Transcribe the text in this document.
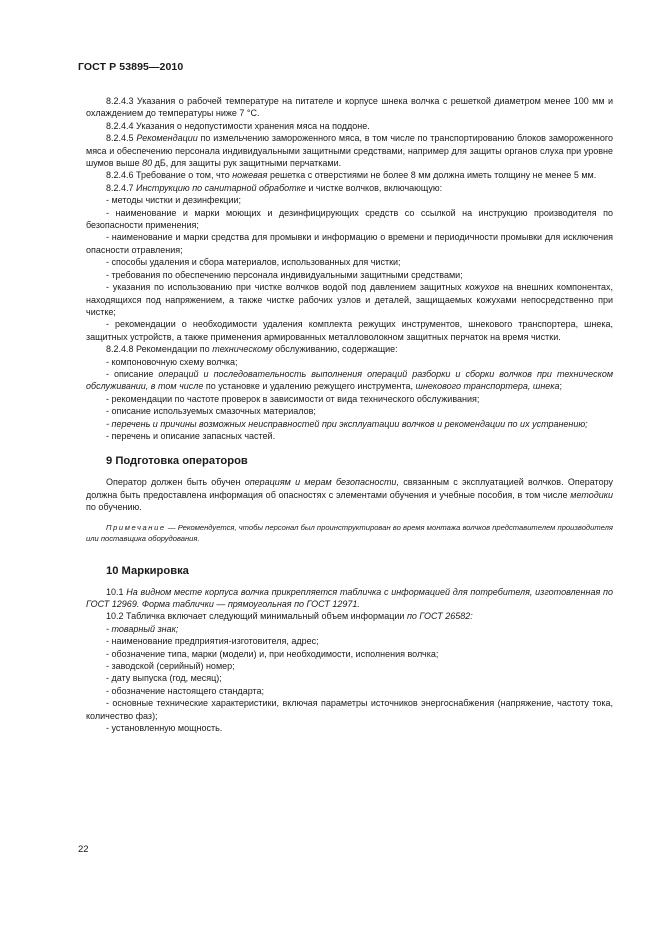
ГОСТ Р 53895—2010

8.2.4.3 Указания о рабочей температуре на питателе и корпусе шнека волчка с решеткой диаметром менее 100 мм и охлаждением до температуры ниже 7 °С.

8.2.4.4 Указания о недопустимости хранения мяса на поддоне.

8.2.4.5 Рекомендации по измельчению замороженного мяса, в том числе по транспортированию блоков замороженного мяса и обеспечению персонала индивидуальными защитными средствами, например для защиты органов слуха при уровне шумов выше 80 дБ, для защиты рук защитными перчатками.

8.2.4.6 Требование о том, что ножевая решетка с отверстиями не более 8 мм должна иметь толщину не менее 5 мм.

8.2.4.7 Инструкцию по санитарной обработке и чистке волчков, включающую:

- методы чистки и дезинфекции;

- наименование и марки моющих и дезинфицирующих средств со ссылкой на инструкцию производителя по безопасности применения;

- наименование и марки средства для промывки и информацию о времени и периодичности промывки для исключения опасности отравления;

- способы удаления и сбора материалов, использованных для чистки;

- требования по обеспечению персонала индивидуальными защитными средствами;

- указания по использованию при чистке волчков водой под давлением защитных кожухов на внешних компонентах, находящихся под напряжением, а также чистке рабочих узлов и деталей, защищаемых кожухами непосредственно при чистке;

- рекомендации о необходимости удаления комплекта режущих инструментов, шнекового транспортера, шнека, защитных устройств, а также применения армированных металловолокном защитных перчаток на время чистки.

8.2.4.8 Рекомендации по техническому обслуживанию, содержащие:

- компоновочную схему волчка;

- описание операций и последовательность выполнения операций разборки и сборки волчков при техническом обслуживании, в том числе по установке и удалению режущего инструмента, шнекового транспортера, шнека;

- рекомендации по частоте проверок в зависимости от вида технического обслуживания;

- описание используемых смазочных материалов;

- перечень и причины возможных неисправностей при эксплуатации волчков и рекомендации по их устранению;

- перечень и описание запасных частей.

9 Подготовка операторов

Оператор должен быть обучен операциям и мерам безопасности, связанным с эксплуатацией волчков. Оператору должна быть предоставлена информация об опасностях с элементами обучения и учебные пособия, в том числе методики по обучению.

Примечание — Рекомендуется, чтобы персонал был проинструктирован во время монтажа волчков представителем производителя или поставщика оборудования.

10 Маркировка

10.1 На видном месте корпуса волчка прикрепляется табличка с информацией для потребителя, изготовленная по ГОСТ 12969. Форма таблички — прямоугольная по ГОСТ 12971.

10.2 Табличка включает следующий минимальный объем информации по ГОСТ 26582:

- товарный знак;

- наименование предприятия-изготовителя, адрес;

- обозначение типа, марки (модели) и, при необходимости, исполнения волчка;

- заводской (серийный) номер;

- дату выпуска (год, месяц);

- обозначение настоящего стандарта;

- основные технические характеристики, включая параметры источников энергоснабжения (напряжение, частоту тока, количество фаз);

- установленную мощность.

22
